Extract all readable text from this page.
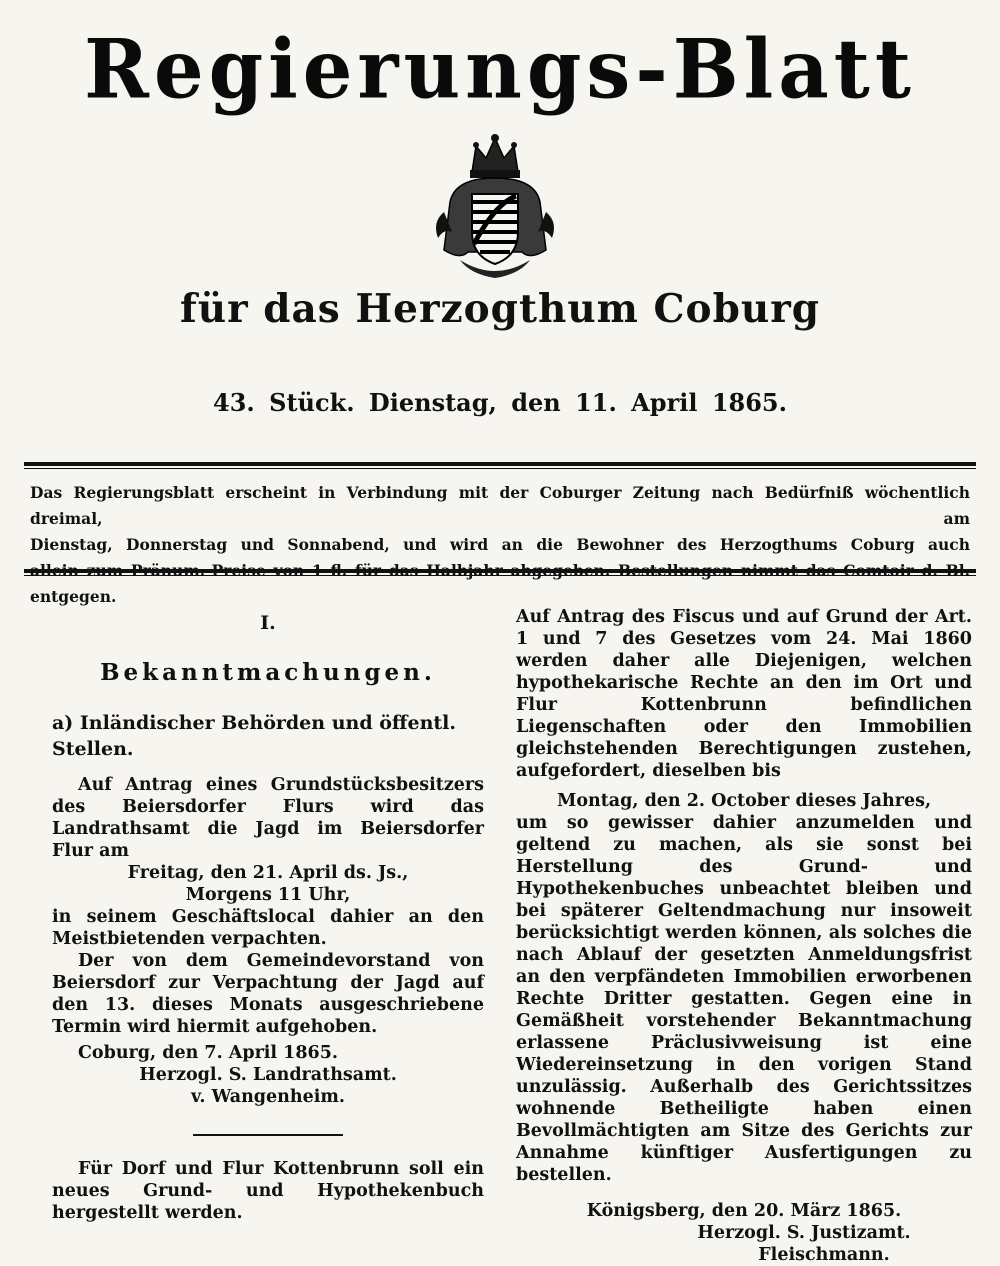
Regierungs-Blatt
für das Herzogthum Coburg
43. Stück. Dienstag, den 11. April 1865.

Das Regierungsblatt erscheint in Verbindung mit der Coburger Zeitung nach Bedürfniß wöchentlich dreimal, am

Dienstag, Donnerstag und Sonnabend, und wird an die Bewohner des Herzogthums Coburg auch

entgegen.

I.

Bekanntmachungen.

a) Inländischer Behörden und öffentl. Stellen.

Auf Antrag eines Grundstücksbesitzers des Beiersdorfer Flurs wird das Landrathsamt die Jagd im Beiersdorfer Flur am

Freitag, den 21. April ds. Js.,

Morgens 11 Uhr,

in seinem Geschäftslocal dahier an den Meistbietenden verpachten.

Der von dem Gemeindevorstand von Beiersdorf zur Verpachtung der Jagd auf den 13. dieses Monats ausgeschriebene Termin wird hiermit aufgehoben.

Coburg, den 7. April 1865.

Herzogl. S. Landrathsamt.

v. Wangenheim.

Für Dorf und Flur Kottenbrunn soll ein neues Grund- und Hypothekenbuch hergestellt werden.

Auf Antrag des Fiscus und auf Grund der Art. 1 und 7 des Gesetzes vom 24. Mai 1860 werden daher alle Diejenigen, welchen hypothekarische Rechte an den im Ort und Flur Kottenbrunn befindlichen Liegenschaften oder den Immobilien gleichstehenden Berechtigungen zustehen, aufgefordert, dieselben bis

Montag, den 2. October dieses Jahres,

um so gewisser dahier anzumelden und geltend zu machen, als sie sonst bei Herstellung des Grund- und Hypothekenbuches unbeachtet bleiben und bei späterer Geltendmachung nur insoweit berücksichtigt werden können, als solches die nach Ablauf der gesetzten Anmeldungsfrist an den verpfändeten Immobilien erworbenen Rechte Dritter gestatten. Gegen eine in Gemäßheit vorstehender Bekanntmachung erlassene Präclusivweisung ist eine Wiedereinsetzung in den vorigen Stand unzulässig. Außerhalb des Gerichtssitzes wohnende Betheiligte haben einen Bevollmächtigten am Sitze des Gerichts zur Annahme künftiger Ausfertigungen zu bestellen.

Königsberg, den 20. März 1865.

Herzogl. S. Justizamt.

Fleischmann.
